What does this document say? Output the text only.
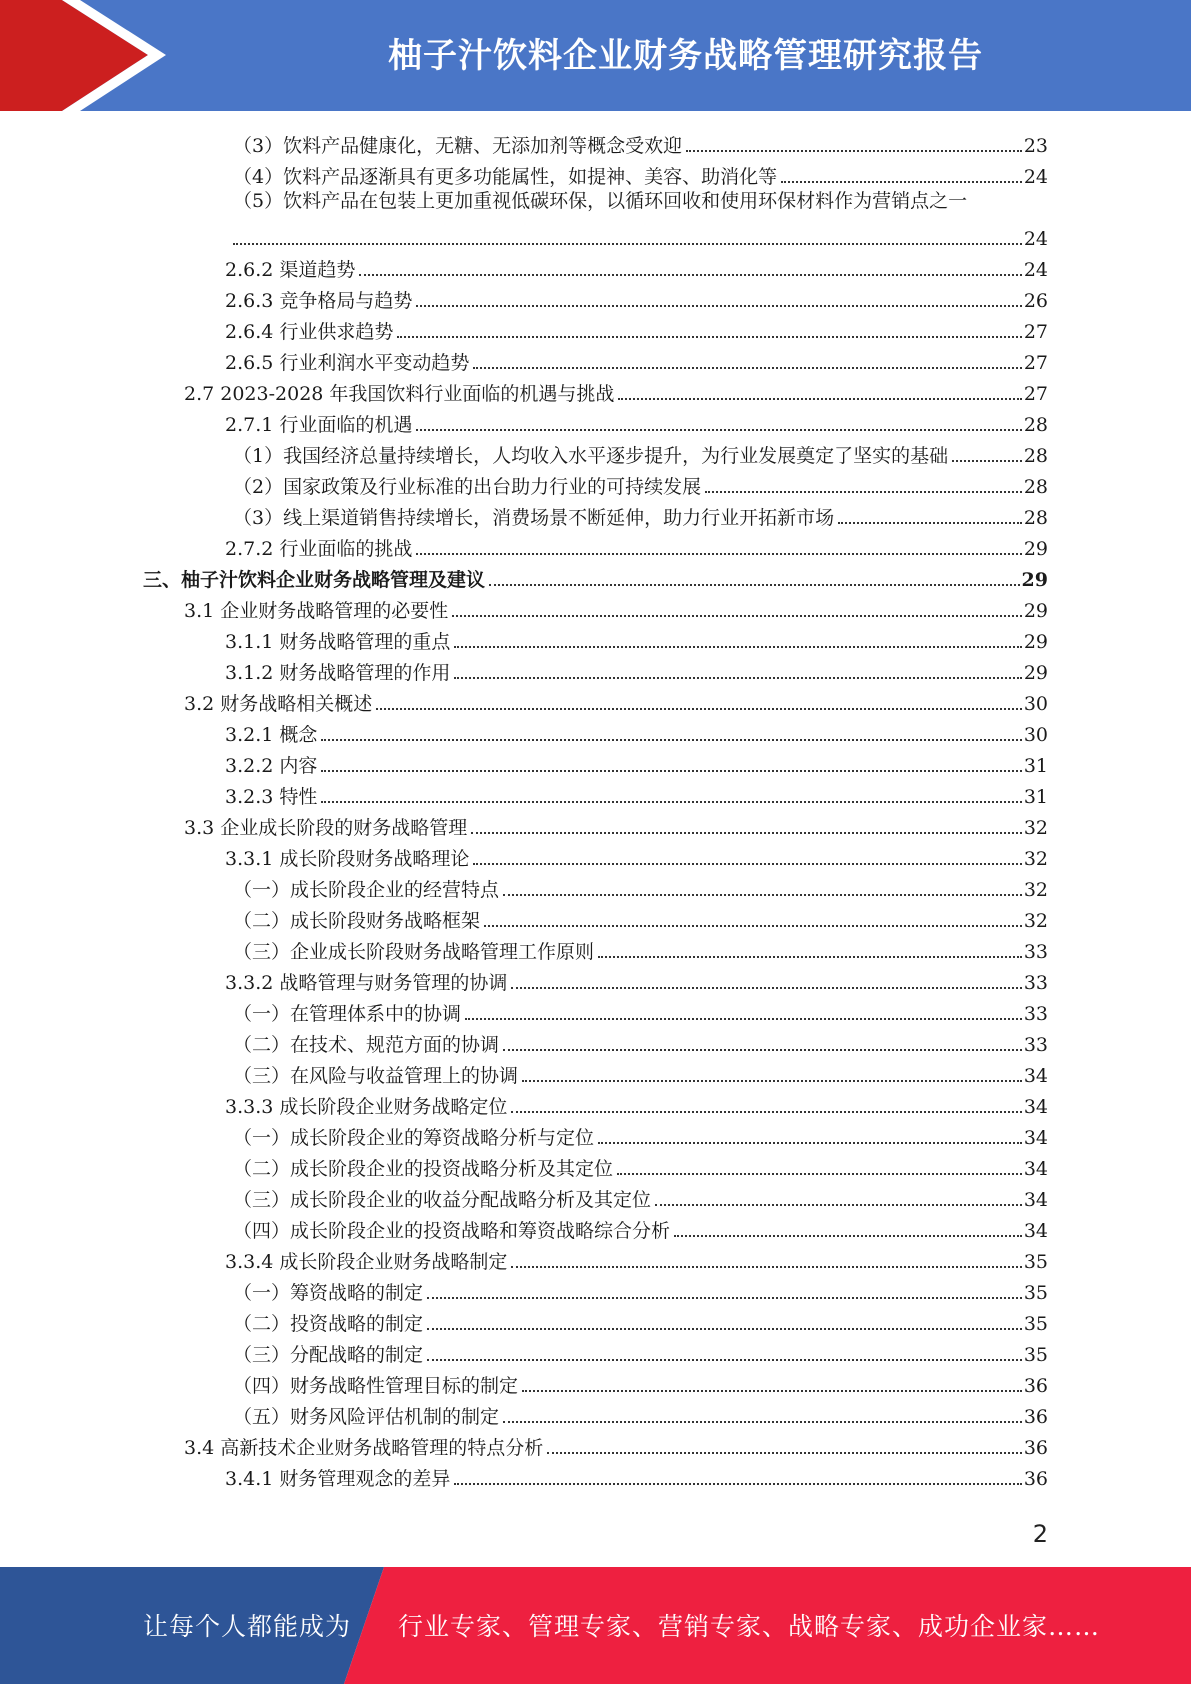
柚子汁饮料企业财务战略管理研究报告
（3）饮料产品健康化，无糖、无添加剂等概念受欢迎	23
（4）饮料产品逐渐具有更多功能属性，如提神、美容、助消化等	24
（5）饮料产品在包装上更加重视低碳环保，以循环回收和使用环保材料作为营销点之一
24
2.6.2 渠道趋势	24
2.6.3 竞争格局与趋势	26
2.6.4 行业供求趋势	27
2.6.5 行业利润水平变动趋势	27
2.7 2023-2028 年我国饮料行业面临的机遇与挑战	27
2.7.1 行业面临的机遇	28
（1）我国经济总量持续增长，人均收入水平逐步提升，为行业发展奠定了坚实的基础	28
（2）国家政策及行业标准的出台助力行业的可持续发展	28
（3）线上渠道销售持续增长，消费场景不断延伸，助力行业开拓新市场	28
2.7.2 行业面临的挑战	29
三、柚子汁饮料企业财务战略管理及建议	29
3.1 企业财务战略管理的必要性	29
3.1.1 财务战略管理的重点	29
3.1.2 财务战略管理的作用	29
3.2 财务战略相关概述	30
3.2.1 概念	30
3.2.2 内容	31
3.2.3 特性	31
3.3 企业成长阶段的财务战略管理	32
3.3.1 成长阶段财务战略理论	32
（一）成长阶段企业的经营特点	32
（二）成长阶段财务战略框架	32
（三）企业成长阶段财务战略管理工作原则	33
3.3.2 战略管理与财务管理的协调	33
（一）在管理体系中的协调	33
（二）在技术、规范方面的协调	33
（三）在风险与收益管理上的协调	34
3.3.3 成长阶段企业财务战略定位	34
（一）成长阶段企业的筹资战略分析与定位	34
（二）成长阶段企业的投资战略分析及其定位	34
（三）成长阶段企业的收益分配战略分析及其定位	34
（四）成长阶段企业的投资战略和筹资战略综合分析	34
3.3.4 成长阶段企业财务战略制定	35
（一）筹资战略的制定	35
（二）投资战略的制定	35
（三）分配战略的制定	35
（四）财务战略性管理目标的制定	36
（五）财务风险评估机制的制定	36
3.4 高新技术企业财务战略管理的特点分析	36
3.4.1 财务管理观念的差异	36
2
让每个人都能成为 行业专家、管理专家、营销专家、战略专家、成功企业家……
